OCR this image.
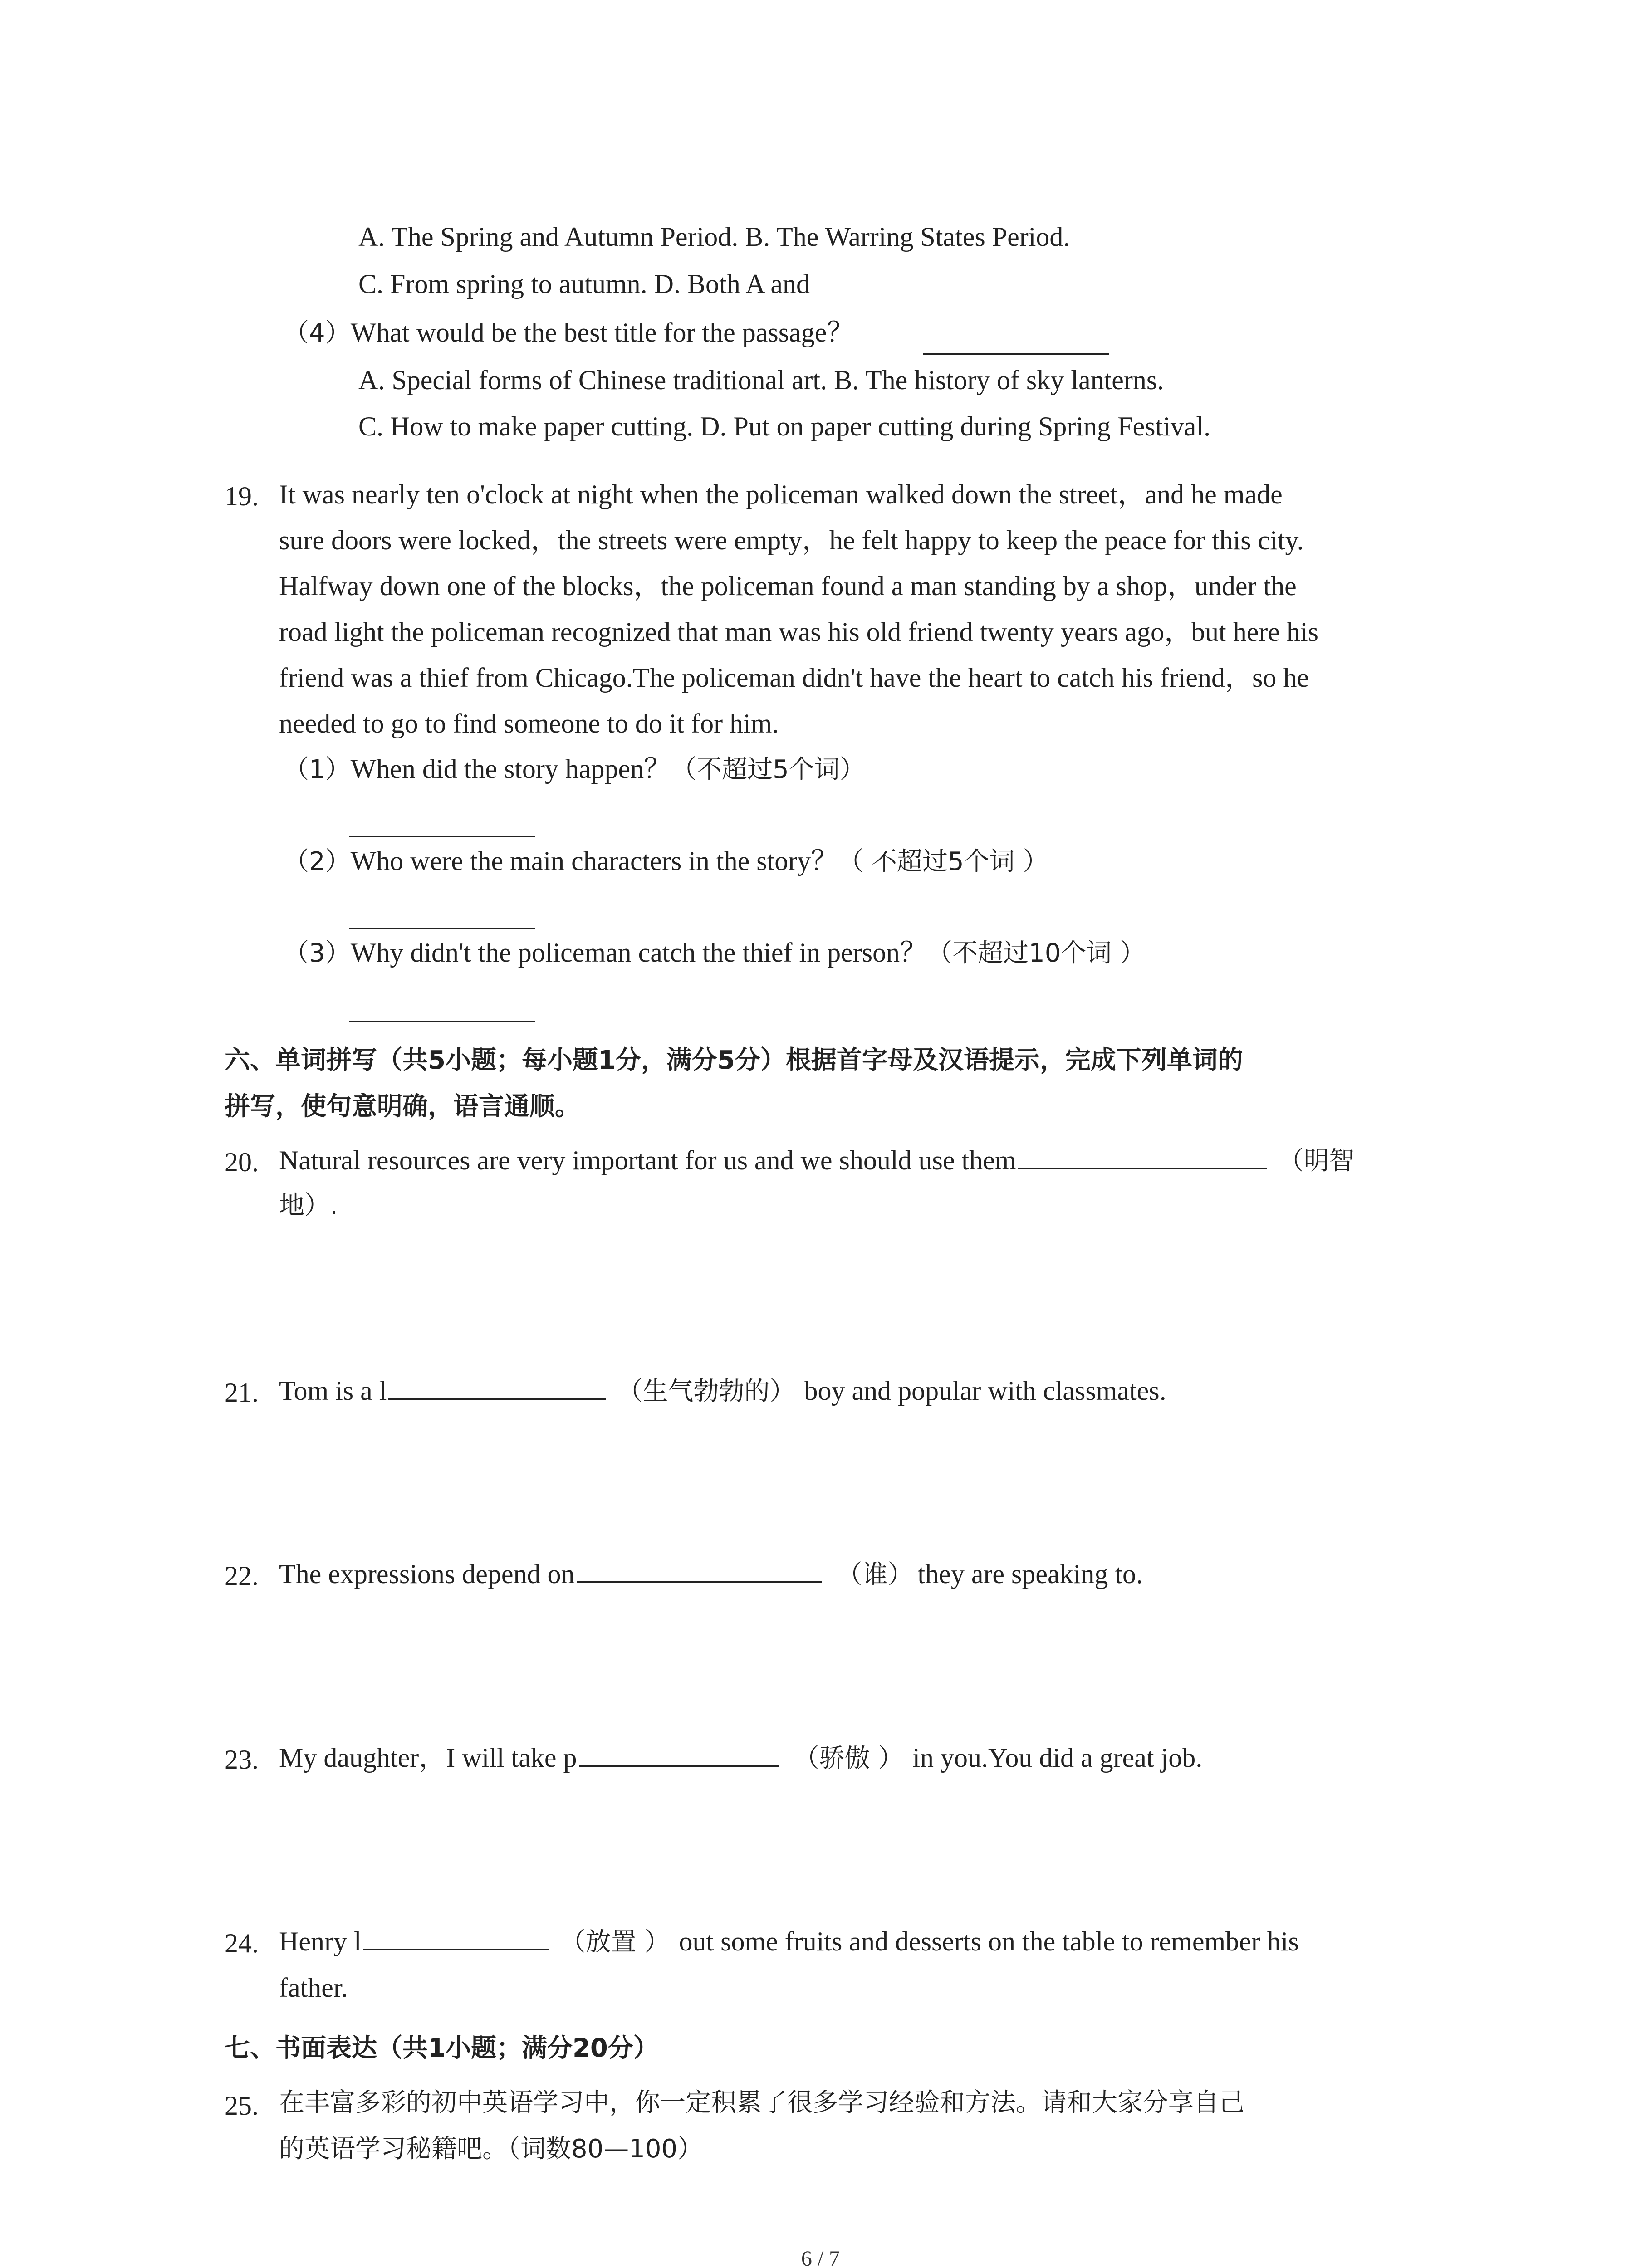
A. The Spring and Autumn Period. B. The Warring States Period.
C. From spring to autumn. D. Both A and
（4）What would be the best title for the passage？
A. Special forms of Chinese traditional art. B. The history of sky lanterns.
C. How to make paper cutting. D. Put on paper cutting during Spring Festival.
19. It was nearly ten o'clock at night when the policeman walked down the street，and he made
sure doors were locked，the streets were empty，he felt happy to keep the peace for this city.
Halfway down one of the blocks，the policeman found a man standing by a shop，under the
road light the policeman recognized that man was his old friend twenty years ago，but here his
friend was a thief from Chicago.The policeman didn't have the heart to catch his friend，so he
needed to go to find someone to do it for him.
（1）When did the story happen？（不超过5个词）
（2）Who were the main characters in the story？（ 不超过5个词 ）
（3）Why didn't the policeman catch the thief in person？（不超过10个词 ）
六、单词拼写（共5小题；每小题1分，满分5分）根据首字母及汉语提示，完成下列单词的
拼写，使句意明确，语言通顺。
20. Natural resources are very important for us and we should use them	（明智
地）.
21. Tom is a l	（生气勃勃的） boy and popular with classmates.
22. The expressions depend on	（谁） they are speaking to.
23. My daughter，I will take p	（骄傲 ） in you.You did a great job.
24. Henry l	（放置 ） out some fruits and desserts on the table to remember his
father.
七、书面表达（共1小题；满分20分）
25. 在丰富多彩的初中英语学习中，你一定积累了很多学习经验和方法。请和大家分享自己
的英语学习秘籍吧。（词数80—100）
6 / 7
